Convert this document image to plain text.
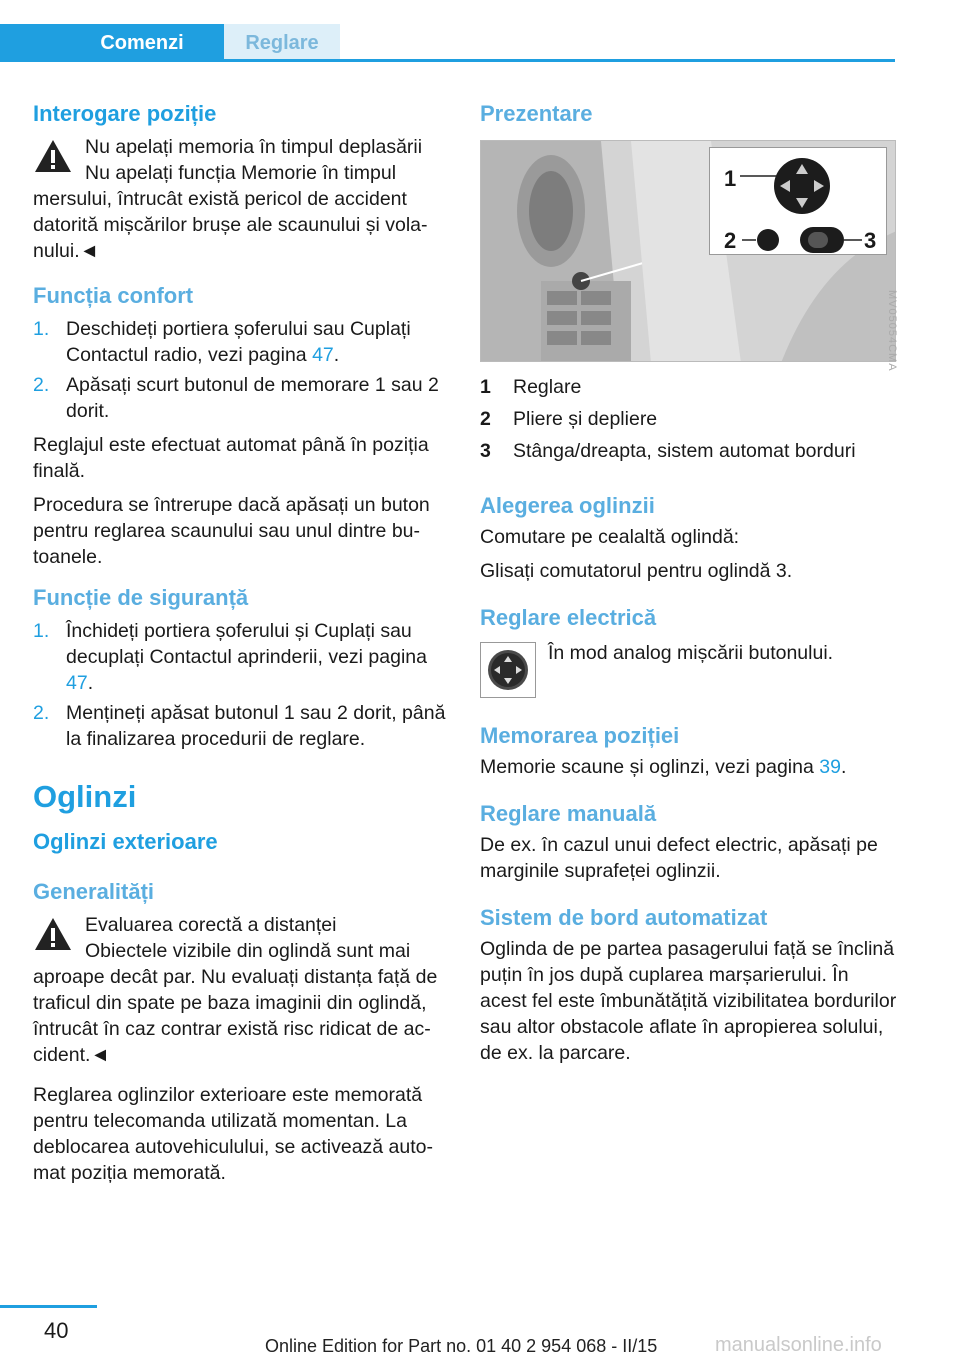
Comenzi	Reglare
Interogare poziție

Nu apelați memoria în timpul deplasării
Nu apelați funcția Memorie în timpul mersului, întrucât există pericol de accident datorită mișcărilor brușe ale scaunului și volanului.◄

Funcția confort
1. Deschideți portiera șoferului sau Cuplați Contactul radio, vezi pagina 47.
2. Apăsați scurt butonul de memorare 1 sau 2 dorit.

Reglajul este efectuat automat până în poziția finală.

Procedura se întrerupe dacă apăsați un buton pentru reglarea scaunului sau unul dintre butoanele.

Funcție de siguranță
1. Închideți portiera șoferului și Cuplați sau decuplați Contactul aprinderii, vezi pagina 47.
2. Mențineți apăsat butonul 1 sau 2 dorit, până la finalizarea procedurii de reglare.
Oglinzi
Oglinzi exterioare
Generalități

Evaluarea corectă a distanței
Obiectele vizibile din oglindă sunt mai aproape decât par. Nu evaluați distanța față de traficul din spate pe baza imaginii din oglindă, întrucât în caz contrar există risc ridicat de accident.◄

Reglarea oglinzilor exterioare este memorată pentru telecomanda utilizată momentan. La deblocarea autovehiculului, se activează automat poziția memorată.

Prezentare
1
2	3
1	Reglare
2	Pliere și depliere
3	Stânga/dreapta, sistem automat borduri
Alegerea oglinzii

Comutare pe cealaltă oglindă:

Glisați comutatorul pentru oglindă 3.

Reglare electrică

În mod analog mișcării butonului.

Memorarea poziției

Memorie scaune și oglinzi, vezi pagina 39.

Reglare manuală

De ex. în cazul unui defect electric, apăsați pe marginile suprafeței oglinzii.

Sistem de bord automatizat

Oglinda de pe partea pasagerului față se înclină puțin în jos după cuplarea marșarierului. În acest fel este îmbunătățită vizibilitatea bordurilor sau altor obstacole aflate în apropierea solului, de ex. la parcare.

MV05054CMA
40
Online Edition for Part no. 01 40 2 954 068 - II/15	manualsonline.info
